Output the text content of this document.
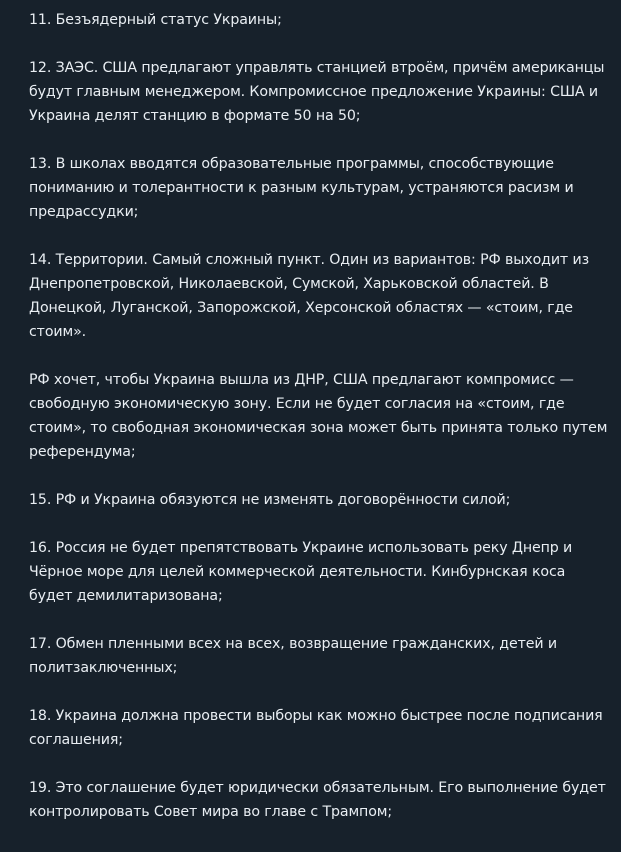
11. Безъядерный статус Украины;

12. ЗАЭС. США предлагают управлять станцией втроём, причём американцы будут главным менеджером. Компромиссное предложение Украины: США и Украина делят станцию в формате 50 на 50;

13. В школах вводятся образовательные программы, способствующие пониманию и толерантности к разным культурам, устраняются расизм и предрассудки;

14. Территории. Самый сложный пункт. Один из вариантов: РФ выходит из Днепропетровской, Николаевской, Сумской, Харьковской областей. В Донецкой, Луганской, Запорожской, Херсонской областях — «стоим, где стоим».

РФ хочет, чтобы Украина вышла из ДНР, США предлагают компромисс — свободную экономическую зону. Если не будет согласия на «стоим, где стоим», то свободная экономическая зона может быть принята только путем референдума;

15. РФ и Украина обязуются не изменять договорённости силой;

16. Россия не будет препятствовать Украине использовать реку Днепр и Чёрное море для целей коммерческой деятельности. Кинбурнская коса будет демилитаризована;

17. Обмен пленными всех на всех, возвращение гражданских, детей и политзаключенных;

18. Украина должна провести выборы как можно быстрее после подписания соглашения;

19. Это соглашение будет юридически обязательным. Его выполнение будет контролировать Совет мира во главе с Трампом;
